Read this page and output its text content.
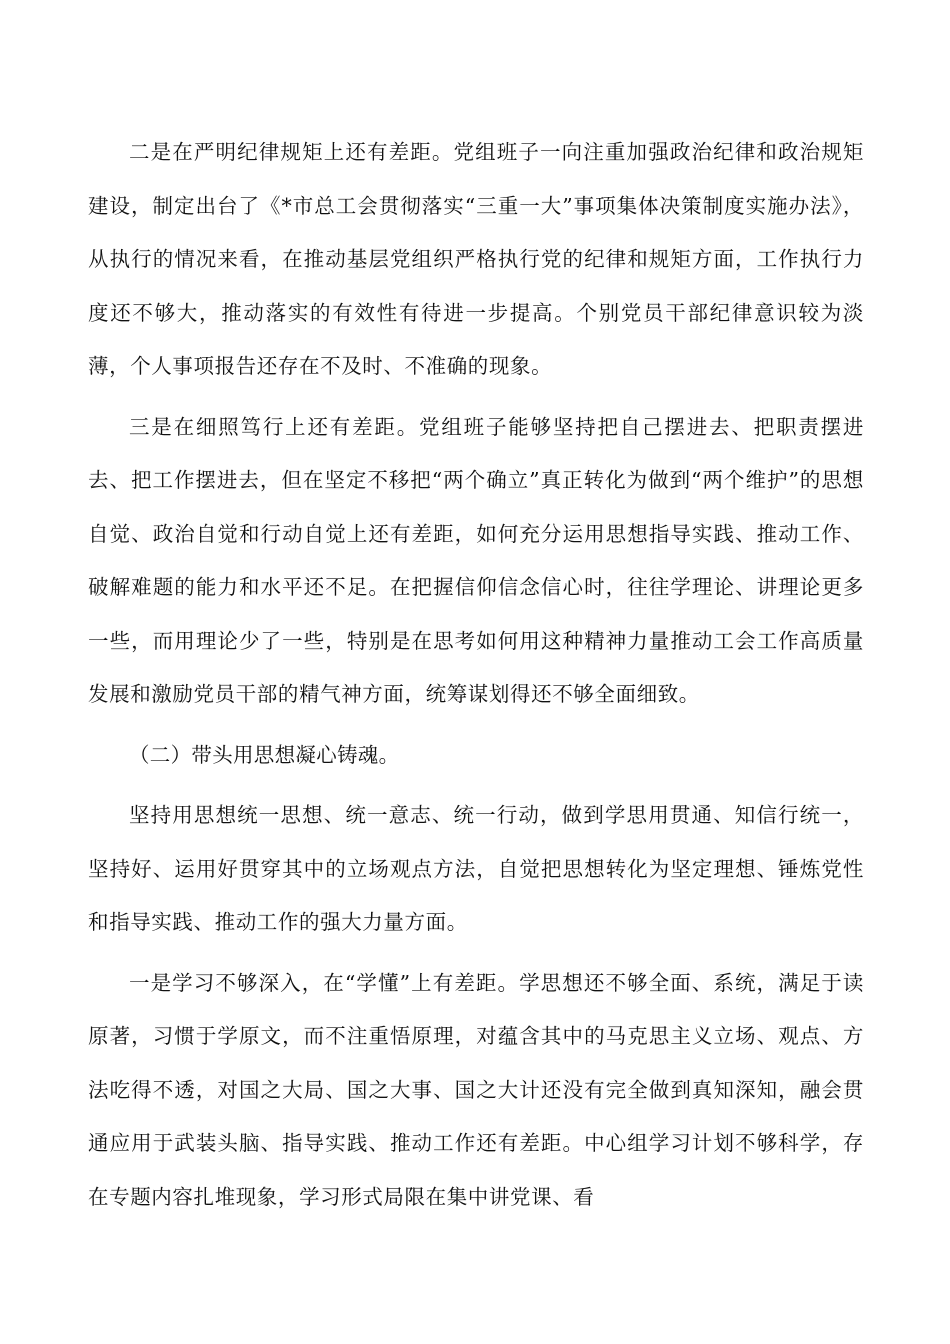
二是在严明纪律规矩上还有差距。党组班子一向注重加强政治纪律和政治规矩建设，制定出台了《*市总工会贯彻落实“三重一大”事项集体决策制度实施办法》，从执行的情况来看，在推动基层党组织严格执行党的纪律和规矩方面，工作执行力度还不够大，推动落实的有效性有待进一步提高。个别党员干部纪律意识较为淡薄，个人事项报告还存在不及时、不准确的现象。

三是在细照笃行上还有差距。党组班子能够坚持把自己摆进去、把职责摆进去、把工作摆进去，但在坚定不移把“两个确立”真正转化为做到“两个维护”的思想自觉、政治自觉和行动自觉上还有差距，如何充分运用思想指导实践、推动工作、破解难题的能力和水平还不足。在把握信仰信念信心时，往往学理论、讲理论更多一些，而用理论少了一些，特别是在思考如何用这种精神力量推动工会工作高质量发展和激励党员干部的精气神方面，统筹谋划得还不够全面细致。

（二）带头用思想凝心铸魂。

坚持用思想统一思想、统一意志、统一行动，做到学思用贯通、知信行统一，坚持好、运用好贯穿其中的立场观点方法，自觉把思想转化为坚定理想、锤炼党性和指导实践、推动工作的强大力量方面。

一是学习不够深入，在“学懂”上有差距。学思想还不够全面、系统，满足于读原著，习惯于学原文，而不注重悟原理，对蕴含其中的马克思主义立场、观点、方法吃得不透，对国之大局、国之大事、国之大计还没有完全做到真知深知，融会贯通应用于武装头脑、指导实践、推动工作还有差距。中心组学习计划不够科学，存在专题内容扎堆现象，学习形式局限在集中讲党课、看
